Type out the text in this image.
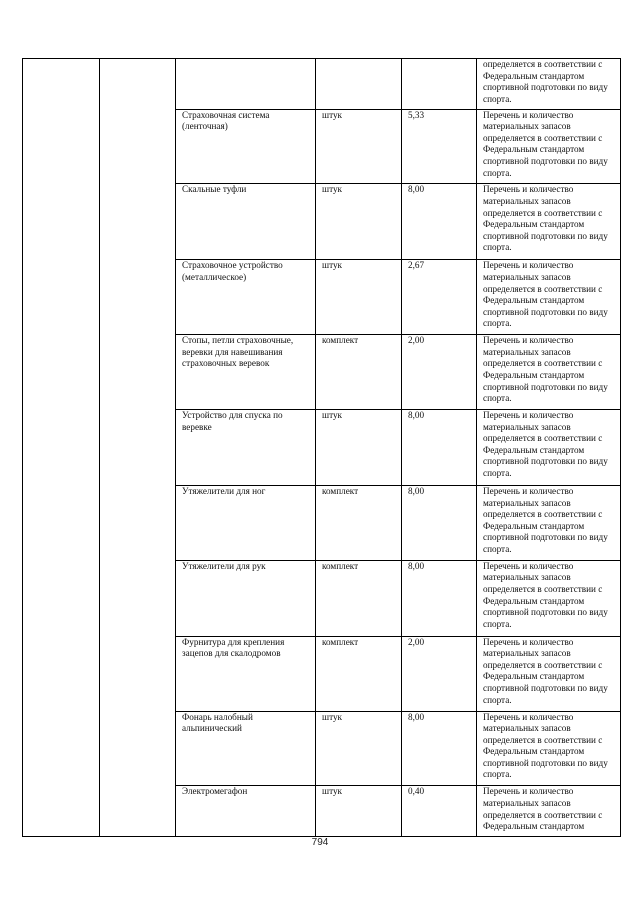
					определяется в соответствии с Федеральным стандартом спортивной подготовки по виду спорта.
		Страховочная система (ленточная)	штук	5,33	Перечень и количество материальных запасов определяется в соответствии с Федеральным стандартом спортивной подготовки по виду спорта.
		Скальные туфли	штук	8,00	Перечень и количество материальных запасов определяется в соответствии с Федеральным стандартом спортивной подготовки по виду спорта.
		Страховочное устройство (металлическое)	штук	2,67	Перечень и количество материальных запасов определяется в соответствии с Федеральным стандартом спортивной подготовки по виду спорта.
		Стопы, петли страховочные, веревки для навешивания страховочных веревок	комплект	2,00	Перечень и количество материальных запасов определяется в соответствии с Федеральным стандартом спортивной подготовки по виду спорта.
		Устройство для спуска по веревке	штук	8,00	Перечень и количество материальных запасов определяется в соответствии с Федеральным стандартом спортивной подготовки по виду спорта.
		Утяжелители для ног	комплект	8,00	Перечень и количество материальных запасов определяется в соответствии с Федеральным стандартом спортивной подготовки по виду спорта.
		Утяжелители для рук	комплект	8,00	Перечень и количество материальных запасов определяется в соответствии с Федеральным стандартом спортивной подготовки по виду спорта.
		Фурнитура для крепления зацепов для скалодромов	комплект	2,00	Перечень и количество материальных запасов определяется в соответствии с Федеральным стандартом спортивной подготовки по виду спорта.
		Фонарь налобный альпинический	штук	8,00	Перечень и количество материальных запасов определяется в соответствии с Федеральным стандартом спортивной подготовки по виду спорта.
		Электромегафон	штук	0,40	Перечень и количество материальных запасов определяется в соответствии с Федеральным стандартом
794
